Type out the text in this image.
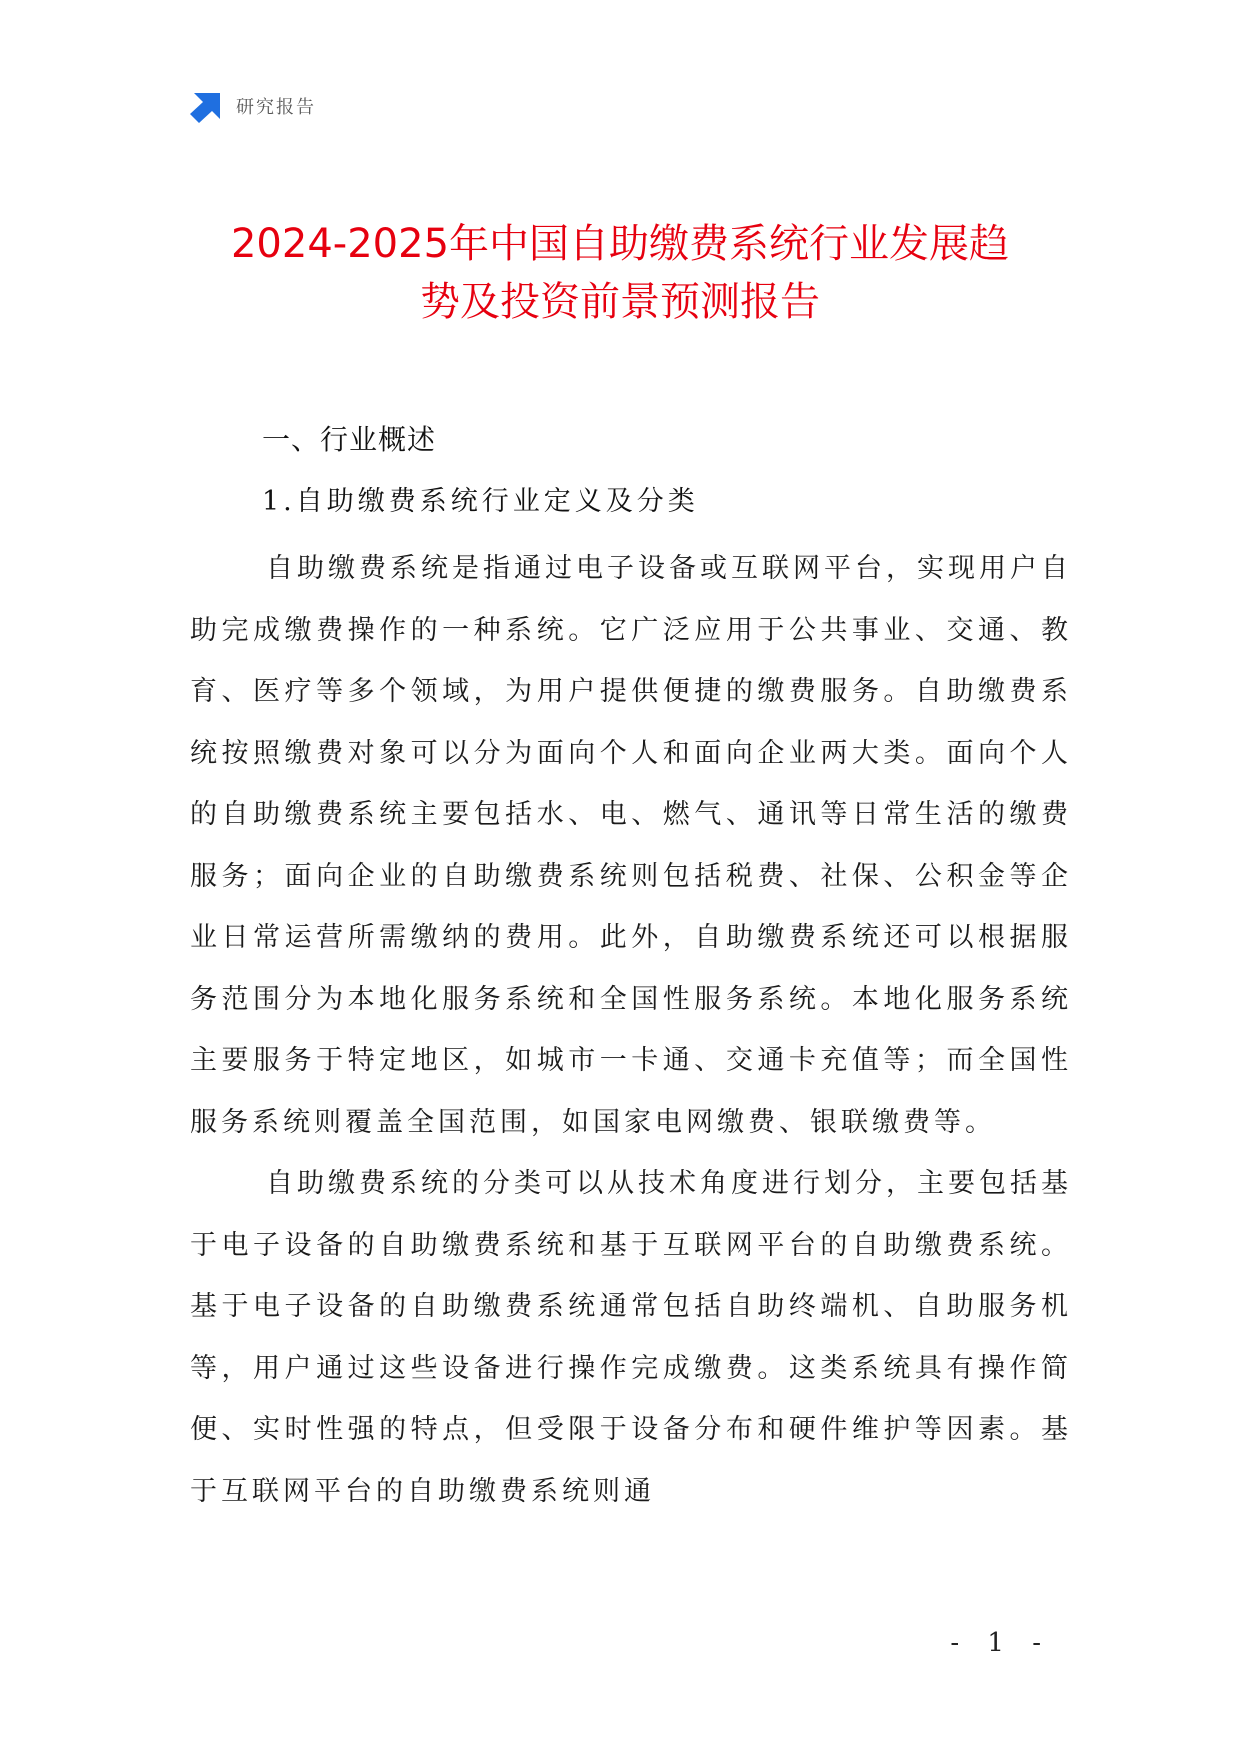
研究报告
2024-2025年中国自助缴费系统行业发展趋
势及投资前景预测报告
一、行业概述
1.自助缴费系统行业定义及分类

自助缴费系统是指通过电子设备或互联网平台，实现用户自助完成缴费操作的一种系统。它广泛应用于公共事业、交通、教育、医疗等多个领域，为用户提供便捷的缴费服务。自助缴费系统按照缴费对象可以分为面向个人和面向企业两大类。面向个人的自助缴费系统主要包括水、电、燃气、通讯等日常生活的缴费服务；面向企业的自助缴费系统则包括税费、社保、公积金等企业日常运营所需缴纳的费用。此外，自助缴费系统还可以根据服务范围分为本地化服务系统和全国性服务系统。本地化服务系统主要服务于特定地区，如城市一卡通、交通卡充值等；而全国性服务系统则覆盖全国范围，如国家电网缴费、银联缴费等。

自助缴费系统的分类可以从技术角度进行划分，主要包括基于电子设备的自助缴费系统和基于互联网平台的自助缴费系统。基于电子设备的自助缴费系统通常包括自助终端机、自助服务机等，用户通过这些设备进行操作完成缴费。这类系统具有操作简便、实时性强的特点，但受限于设备分布和硬件维护等因素。基于互联网平台的自助缴费系统则通

- 1 -
